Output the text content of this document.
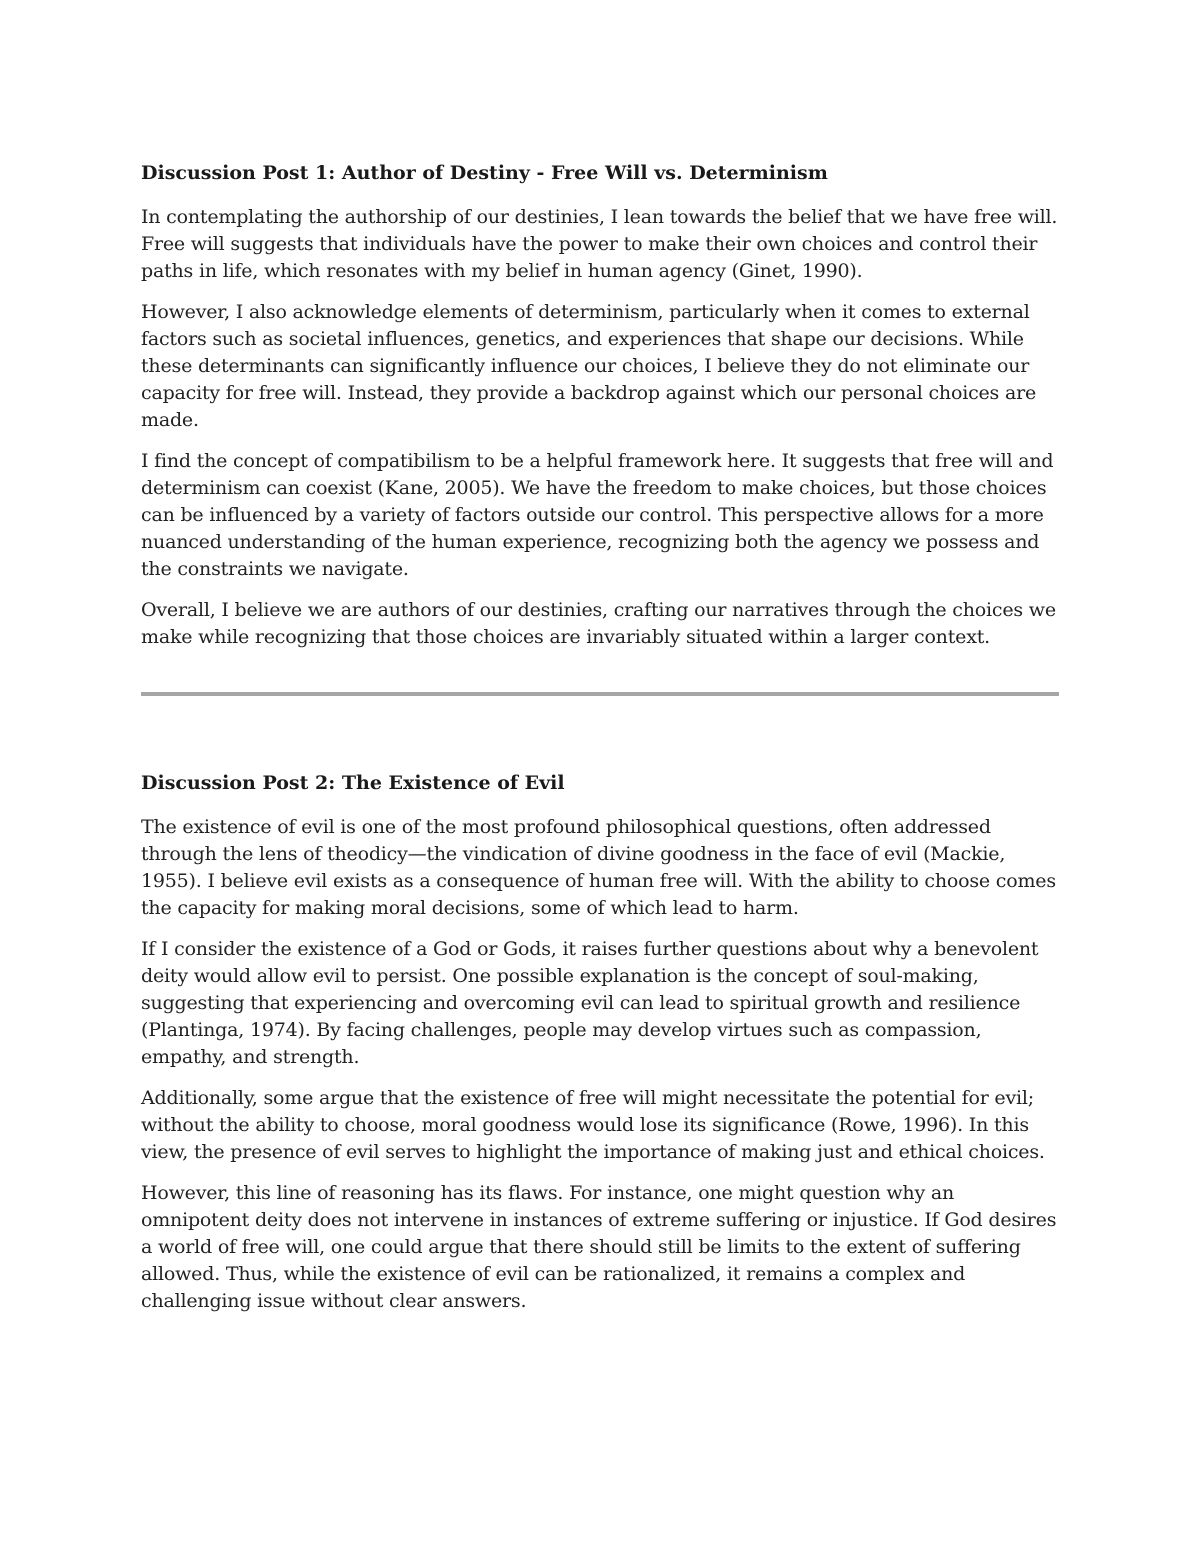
Discussion Post 1: Author of Destiny - Free Will vs. Determinism

In contemplating the authorship of our destinies, I lean towards the belief that we have free will. Free will suggests that individuals have the power to make their own choices and control their paths in life, which resonates with my belief in human agency (Ginet, 1990).

However, I also acknowledge elements of determinism, particularly when it comes to external factors such as societal influences, genetics, and experiences that shape our decisions. While these determinants can significantly influence our choices, I believe they do not eliminate our capacity for free will. Instead, they provide a backdrop against which our personal choices are made.

I find the concept of compatibilism to be a helpful framework here. It suggests that free will and determinism can coexist (Kane, 2005). We have the freedom to make choices, but those choices can be influenced by a variety of factors outside our control. This perspective allows for a more nuanced understanding of the human experience, recognizing both the agency we possess and the constraints we navigate.

Overall, I believe we are authors of our destinies, crafting our narratives through the choices we make while recognizing that those choices are invariably situated within a larger context.

Discussion Post 2: The Existence of Evil

The existence of evil is one of the most profound philosophical questions, often addressed through the lens of theodicy—the vindication of divine goodness in the face of evil (Mackie, 1955). I believe evil exists as a consequence of human free will. With the ability to choose comes the capacity for making moral decisions, some of which lead to harm.

If I consider the existence of a God or Gods, it raises further questions about why a benevolent deity would allow evil to persist. One possible explanation is the concept of soul-making, suggesting that experiencing and overcoming evil can lead to spiritual growth and resilience (Plantinga, 1974). By facing challenges, people may develop virtues such as compassion, empathy, and strength.

Additionally, some argue that the existence of free will might necessitate the potential for evil; without the ability to choose, moral goodness would lose its significance (Rowe, 1996). In this view, the presence of evil serves to highlight the importance of making just and ethical choices.

However, this line of reasoning has its flaws. For instance, one might question why an omnipotent deity does not intervene in instances of extreme suffering or injustice. If God desires a world of free will, one could argue that there should still be limits to the extent of suffering allowed. Thus, while the existence of evil can be rationalized, it remains a complex and challenging issue without clear answers.
